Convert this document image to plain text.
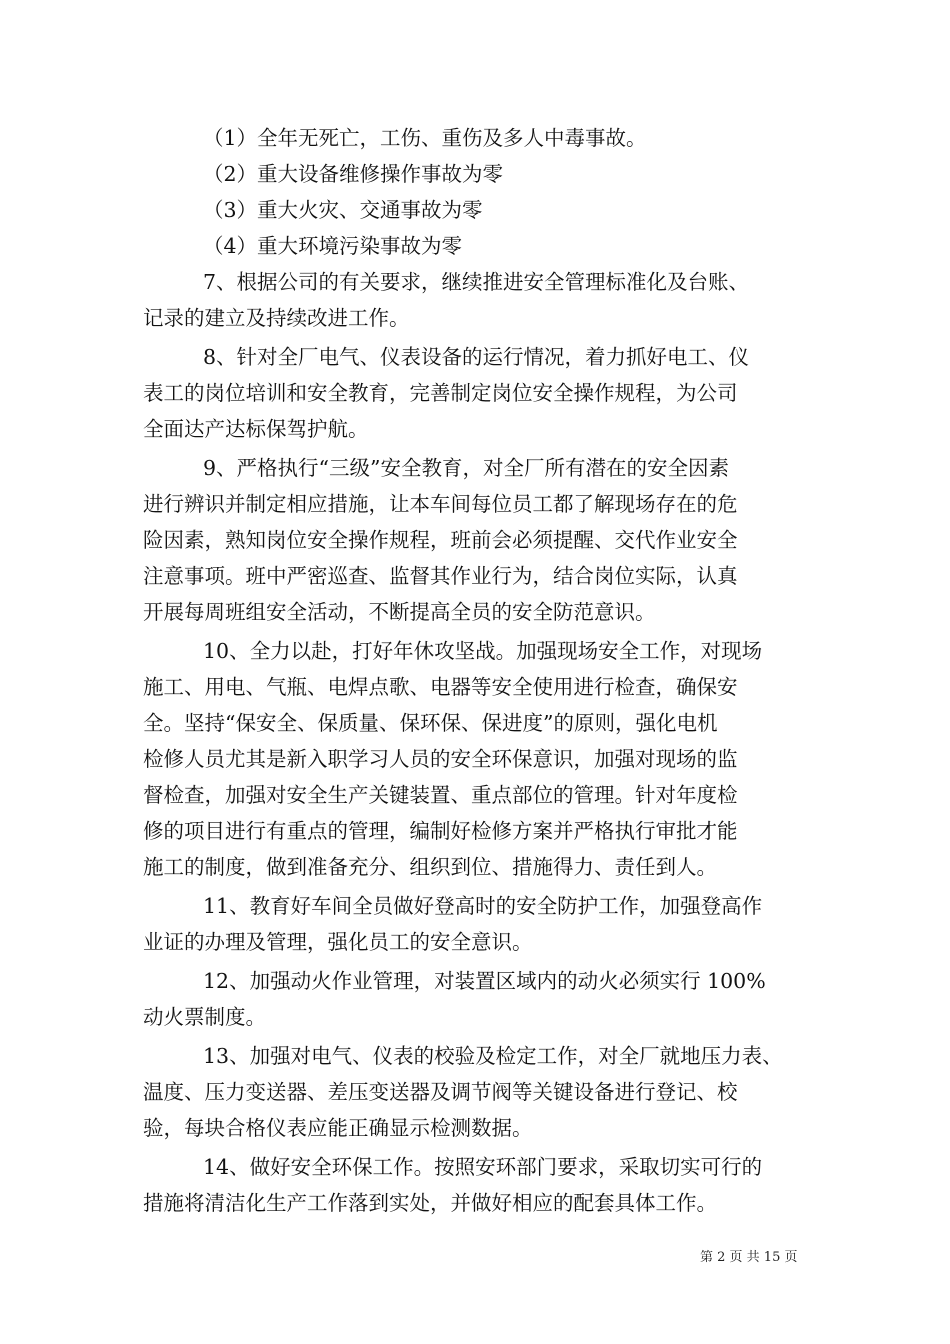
（1）全年无死亡，工伤、重伤及多人中毒事故。
（2）重大设备维修操作事故为零
（3）重大火灾、交通事故为零
（4）重大环境污染事故为零
7、根据公司的有关要求，继续推进安全管理标准化及台账、
记录的建立及持续改进工作。
8、针对全厂电气、仪表设备的运行情况，着力抓好电工、仪
表工的岗位培训和安全教育，完善制定岗位安全操作规程，为公司
全面达产达标保驾护航。
9、严格执行“三级”安全教育，对全厂所有潜在的安全因素
进行辨识并制定相应措施，让本车间每位员工都了解现场存在的危
险因素，熟知岗位安全操作规程，班前会必须提醒、交代作业安全
注意事项。班中严密巡查、监督其作业行为，结合岗位实际，认真
开展每周班组安全活动，不断提高全员的安全防范意识。
10、全力以赴，打好年休攻坚战。加强现场安全工作，对现场
施工、用电、气瓶、电焊点歌、电器等安全使用进行检查，确保安
全。坚持“保安全、保质量、保环保、保进度”的原则，强化电机
检修人员尤其是新入职学习人员的安全环保意识，加强对现场的监
督检查，加强对安全生产关键装置、重点部位的管理。针对年度检
修的项目进行有重点的管理，编制好检修方案并严格执行审批才能
施工的制度，做到准备充分、组织到位、措施得力、责任到人。
11、教育好车间全员做好登高时的安全防护工作，加强登高作
业证的办理及管理，强化员工的安全意识。
12、加强动火作业管理，对装置区域内的动火必须实行 100%
动火票制度。
13、加强对电气、仪表的校验及检定工作，对全厂就地压力表、
温度、压力变送器、差压变送器及调节阀等关键设备进行登记、校
验，每块合格仪表应能正确显示检测数据。
14、做好安全环保工作。按照安环部门要求，采取切实可行的
措施将清洁化生产工作落到实处，并做好相应的配套具体工作。
第 2 页 共 15 页
